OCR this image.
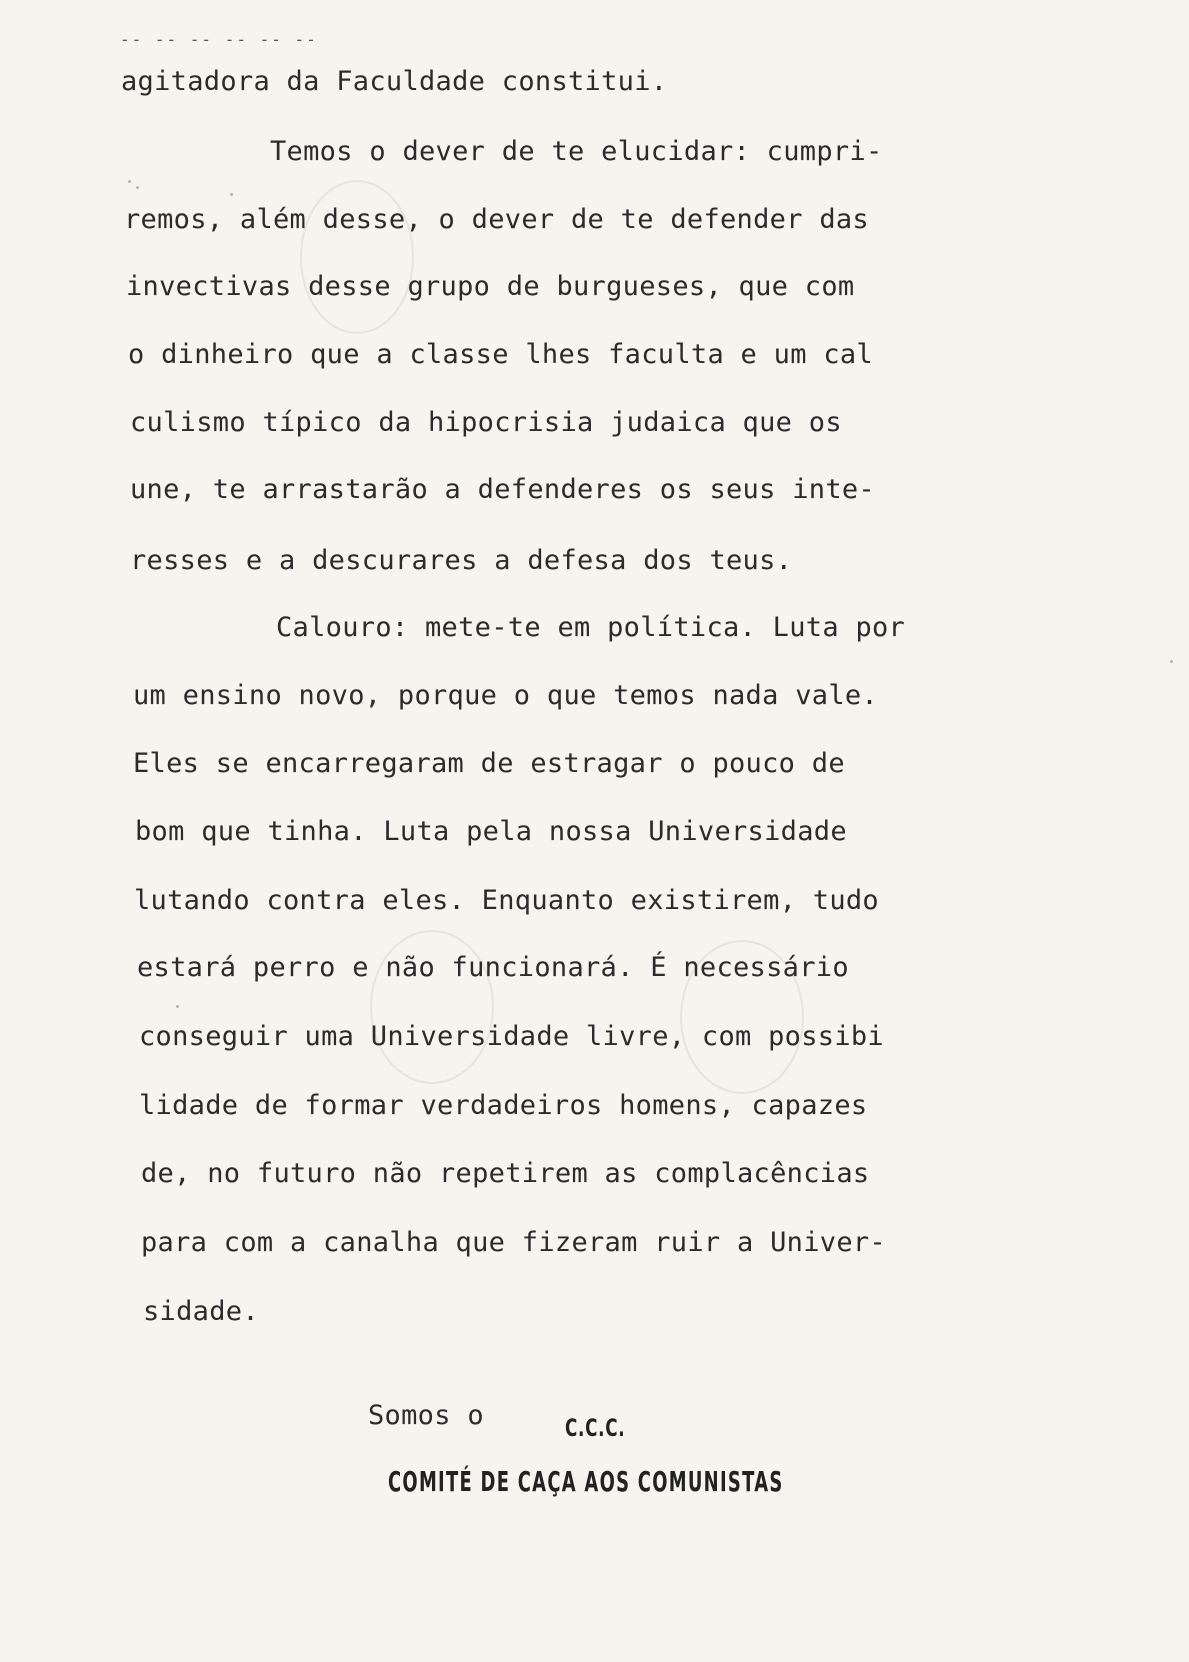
-- -- -- -- -- --
agitadora da Faculdade constitui.
Temos o dever de te elucidar: cumpri-
remos, além desse, o dever de te defender das
invectivas desse grupo de burgueses, que com
o dinheiro que a classe lhes faculta e um cal
culismo típico da hipocrisia judaica que os
une, te arrastarão a defenderes os seus inte-
resses e a descurares a defesa dos teus.
Calouro: mete-te em política. Luta por
um ensino novo, porque o que temos nada vale.
Eles se encarregaram de estragar o pouco de
bom que tinha. Luta pela nossa Universidade
lutando contra eles. Enquanto existirem, tudo
estará perro e não funcionará. É necessário
conseguir uma Universidade livre, com possibi
lidade de formar verdadeiros homens, capazes
de, no futuro não repetirem as complacências
para com a canalha que fizeram ruir a Univer-
sidade.
Somos o	C.C.C.
COMITÉ DE CAÇA AOS COMUNISTAS
